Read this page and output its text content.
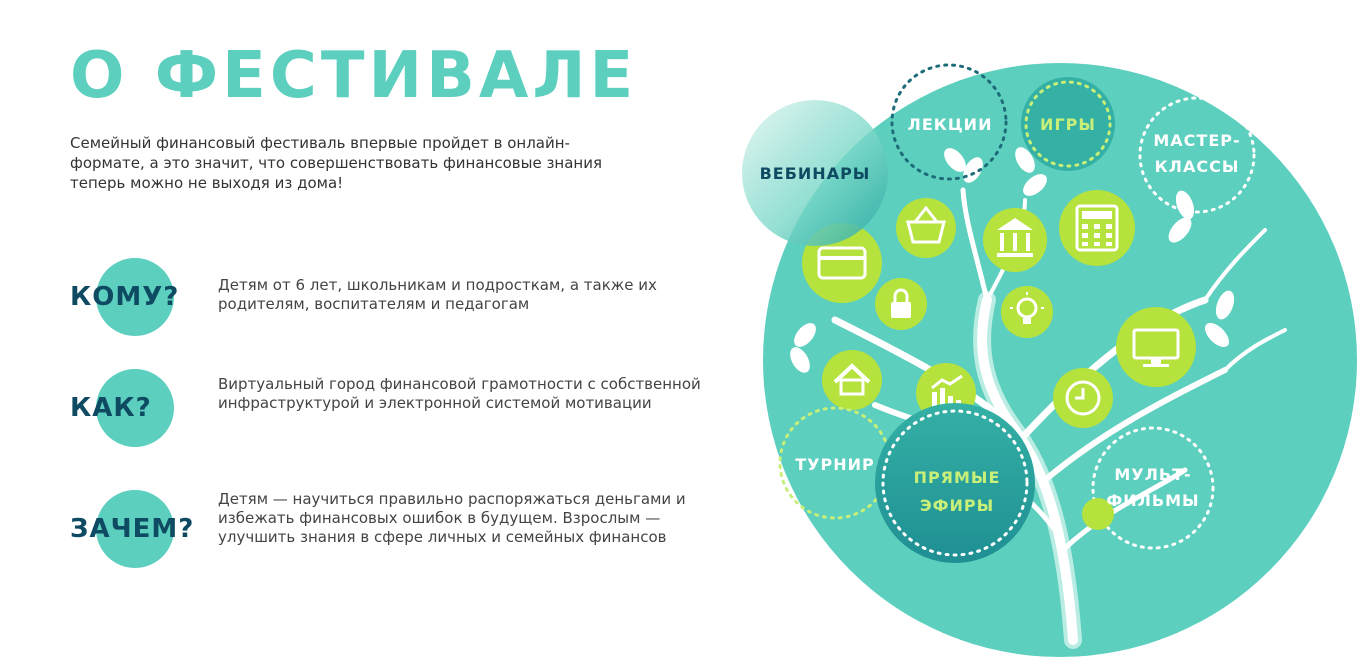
О ФЕСТИВАЛЕ
Семейный финансовый фестиваль впервые пройдет в онлайн-формате, а это значит, что совершенствовать финансовые знания теперь можно не выходя из дома!
КОМУ?	Детям от 6 лет, школьникам и подросткам, а также их родителям, воспитателям и педагогам
КАК?
Виртуальный город финансовой грамотности с собственной инфраструктурой и электронной системой мотивации
ЗАЧЕМ?
Детям — научиться правильно распоряжаться деньгами и избежать финансовых ошибок в будущем. Взрослым — улучшить знания в сфере личных и семейных финансов
ВЕБИНАРЫ
ЛЕКЦИИ	ИГРЫ
МАСТЕР-
КЛАССЫ
ТУРНИР
ПРЯМЫЕ
ЭФИРЫ
МУЛЬТ-
ФИЛЬМЫ
